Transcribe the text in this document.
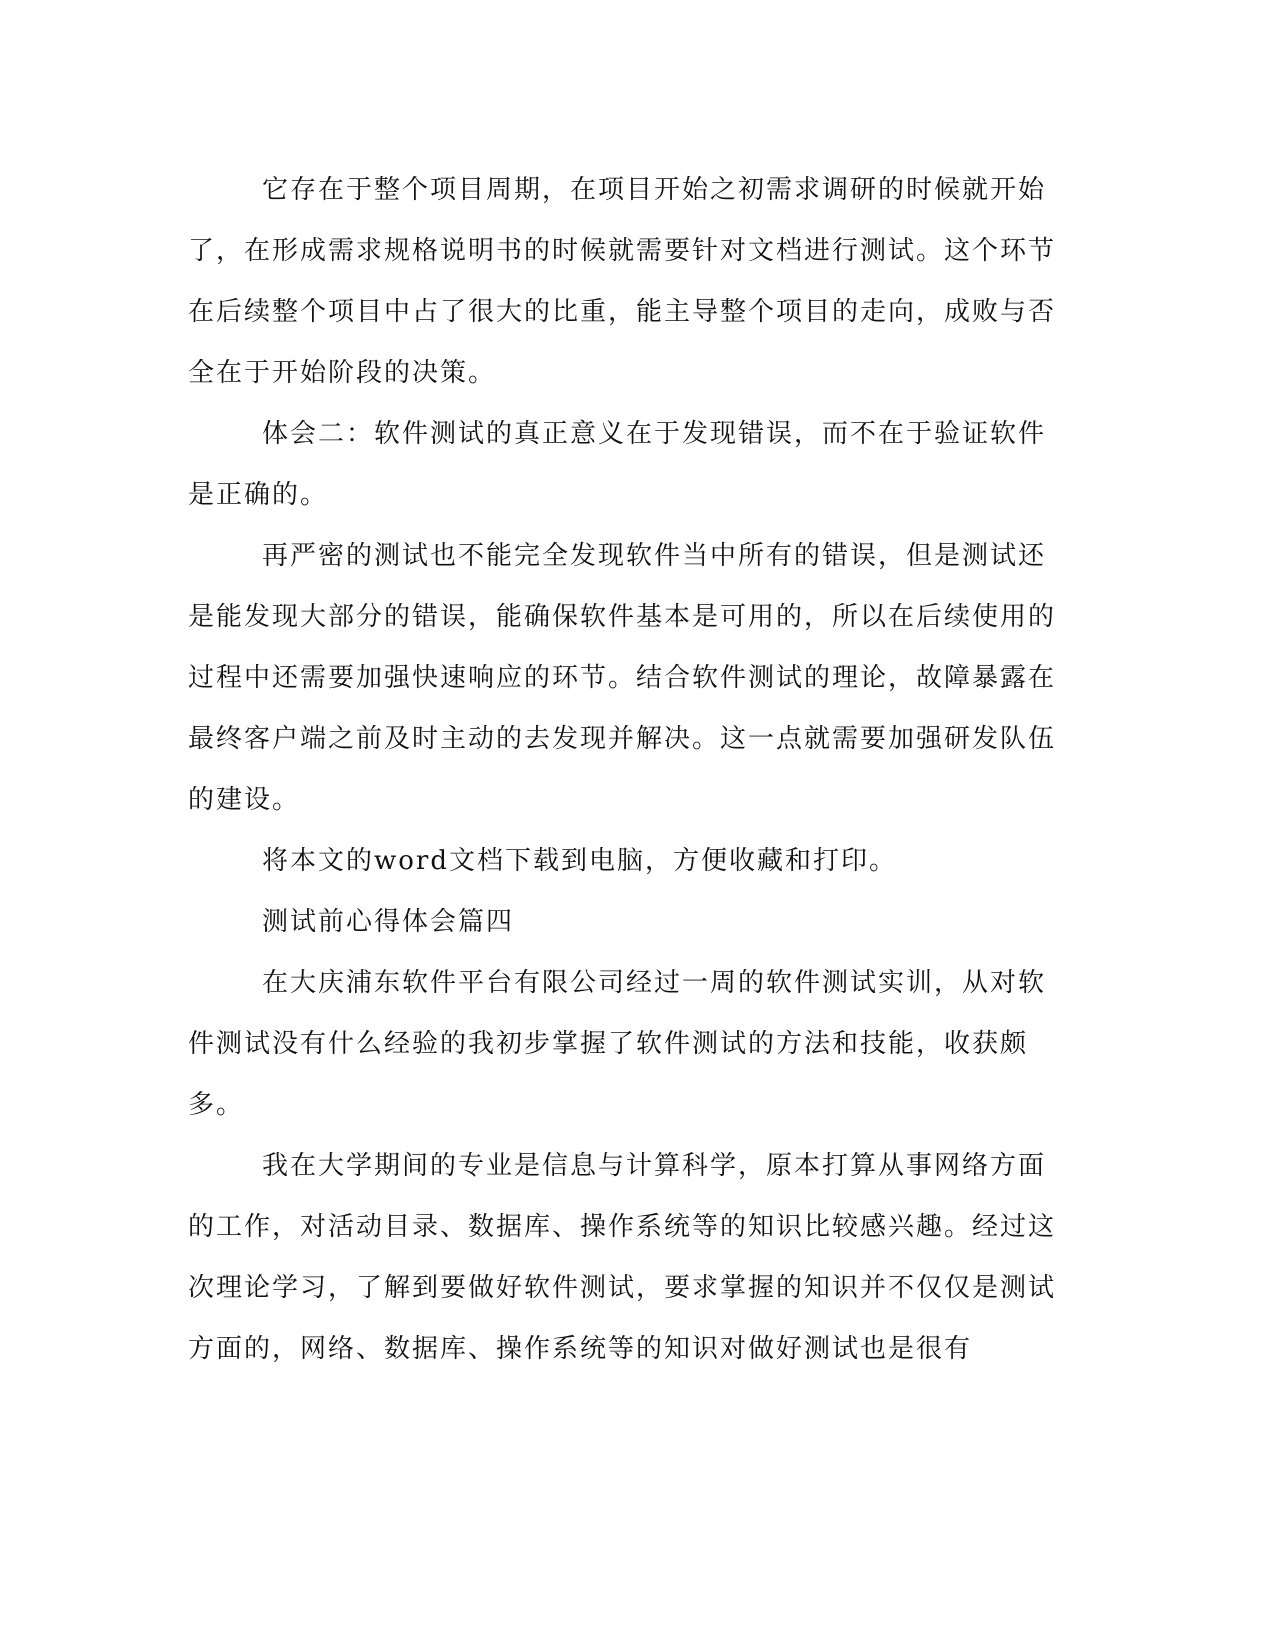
它存在于整个项目周期，在项目开始之初需求调研的时候就开始了，在形成需求规格说明书的时候就需要针对文档进行测试。这个环节在后续整个项目中占了很大的比重，能主导整个项目的走向，成败与否全在于开始阶段的决策。

体会二：软件测试的真正意义在于发现错误，而不在于验证软件是正确的。

再严密的测试也不能完全发现软件当中所有的错误，但是测试还是能发现大部分的错误，能确保软件基本是可用的，所以在后续使用的过程中还需要加强快速响应的环节。结合软件测试的理论，故障暴露在最终客户端之前及时主动的去发现并解决。这一点就需要加强研发队伍的建设。

将本文的word文档下载到电脑，方便收藏和打印。

测试前心得体会篇四

在大庆浦东软件平台有限公司经过一周的软件测试实训，从对软件测试没有什么经验的我初步掌握了软件测试的方法和技能，收获颇多。

我在大学期间的专业是信息与计算科学，原本打算从事网络方面的工作，对活动目录、数据库、操作系统等的知识比较感兴趣。经过这次理论学习，了解到要做好软件测试，要求掌握的知识并不仅仅是测试方面的，网络、数据库、操作系统等的知识对做好测试也是很有
